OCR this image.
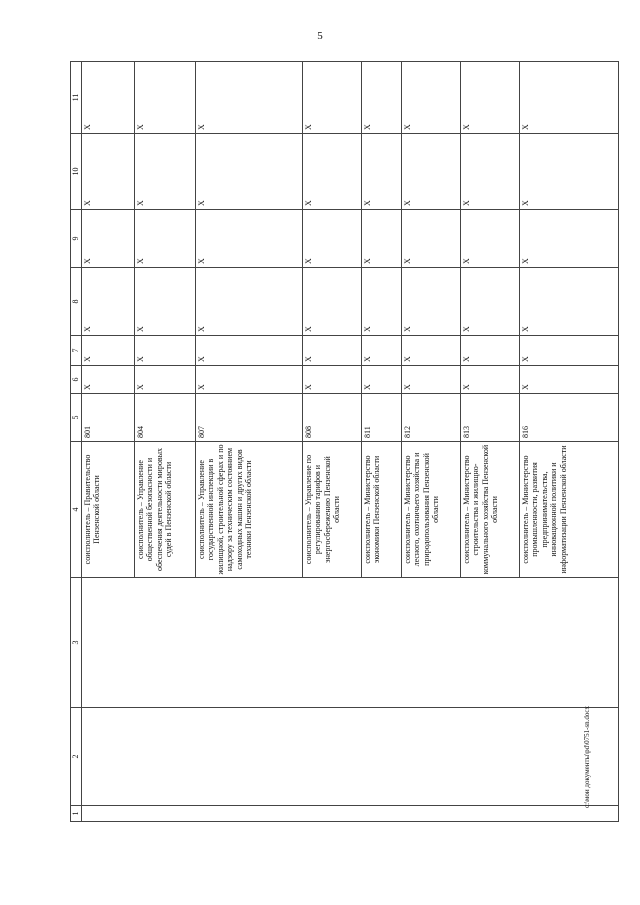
5
1	2	3	4	5	6	7	8	9	10	11
			соисполнитель – Правительство Пензенской области	801	X	X	X	X	X	X
			соисполнитель – Управление общественной безопасности и обеспечения деятельности мировых судей в Пензенской области	804	X	X	X	X	X	X
			соисполнитель – Управление государственной инспекции в жилищной, строительной сферах и по надзору за техническим состоянием самоходных машин и других видов техники Пензенской области	807	X	X	X	X	X	X
			соисполнитель – Управление по регулированию тарифов и энергосбережению Пензенской области	808	X	X	X	X	X	X
			соисполнитель – Министерство экономики Пензенской области	811	X	X	X	X	X	X
			соисполнитель – Министерство лесного, охотничьего хозяйства и природопользования Пензенской области	812	X	X	X	X	X	X
			соисполнитель – Министерство строительства и жилищно-коммунального хозяйства Пензенской области	813	X	X	X	X	X	X
			соисполнитель – Министерство промышленности, развития предпринимательства, инновационной политики и информатизации Пензенской области	816	X	X	X	X	X	X
c:\мои документы\pd\0751-sn.docx
